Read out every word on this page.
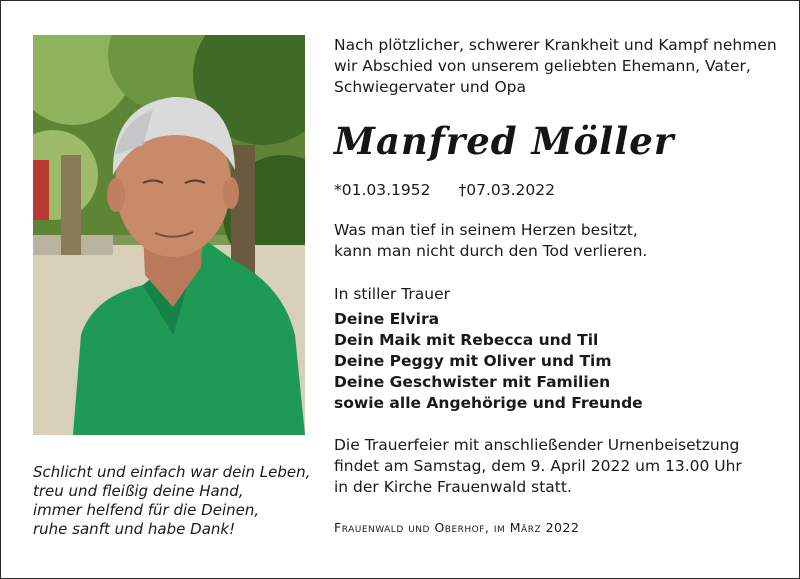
Schlicht und einfach war dein Leben,
treu und fleißig deine Hand,
immer helfend für die Deinen,
ruhe sanft und habe Dank!
Nach plötzlicher, schwerer Krankheit und Kampf nehmen
wir Abschied von unserem geliebten Ehemann, Vater,
Schwiegervater und Opa
Manfred Möller
*01.03.1952 †07.03.2022
Was man tief in seinem Herzen besitzt,
kann man nicht durch den Tod verlieren.
In stiller Trauer
Deine Elvira
Dein Maik mit Rebecca und Til
Deine Peggy mit Oliver und Tim
Deine Geschwister mit Familien
sowie alle Angehörige und Freunde
Die Trauerfeier mit anschließender Urnenbeisetzung
findet am Samstag, dem 9. April 2022 um 13.00 Uhr
in der Kirche Frauenwald statt.
Frauenwald und Oberhof, im März 2022
